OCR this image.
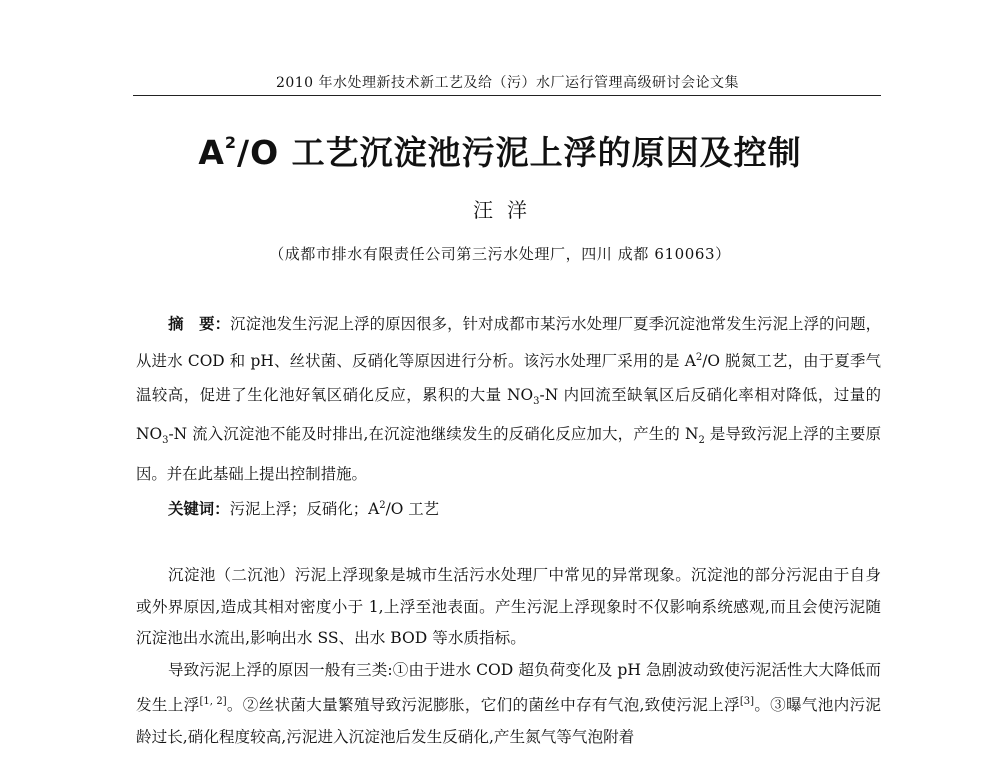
2010 年水处理新技术新工艺及给（污）水厂运行管理高级研讨会论文集
$A^2/O$ 工艺沉淀池污泥上浮的原因及控制
汪洋
（成都市排水有限责任公司第三污水处理厂，四川 成都 610063）
摘　要：沉淀池发生污泥上浮的原因很多，针对成都市某污水处理厂夏季沉淀池常发生污泥上浮的问题，从进水 COD 和 pH、丝状菌、反硝化等原因进行分析。该污水处理厂采用的是 $A^2/O$ 脱氮工艺，由于夏季气温较高，促进了生化池好氧区硝化反应，累积的大量 $NO_3-N$ 内回流至缺氧区后反硝化率相对降低，过量的 $NO_3-N$ 流入沉淀池不能及时排出,在沉淀池继续发生的反硝化反应加大，产生的 $N_2$ 是导致污泥上浮的主要原因。并在此基础上提出控制措施。
关键词：污泥上浮；反硝化；$A^2/O$ 工艺

沉淀池（二沉池）污泥上浮现象是城市生活污水处理厂中常见的异常现象。沉淀池的部分污泥由于自身或外界原因,造成其相对密度小于 1,上浮至池表面。产生污泥上浮现象时不仅影响系统感观,而且会使污泥随沉淀池出水流出,影响出水 SS、出水 BOD 等水质指标。

导致污泥上浮的原因一般有三类:①由于进水 COD 超负荷变化及 pH 急剧波动致使污泥活性大大降低而发生上浮[1, 2]。②丝状菌大量繁殖导致污泥膨胀，它们的菌丝中存有气泡,致使污泥上浮[3]。③曝气池内污泥龄过长,硝化程度较高,污泥进入沉淀池后发生反硝化,产生氮气等气泡附着
